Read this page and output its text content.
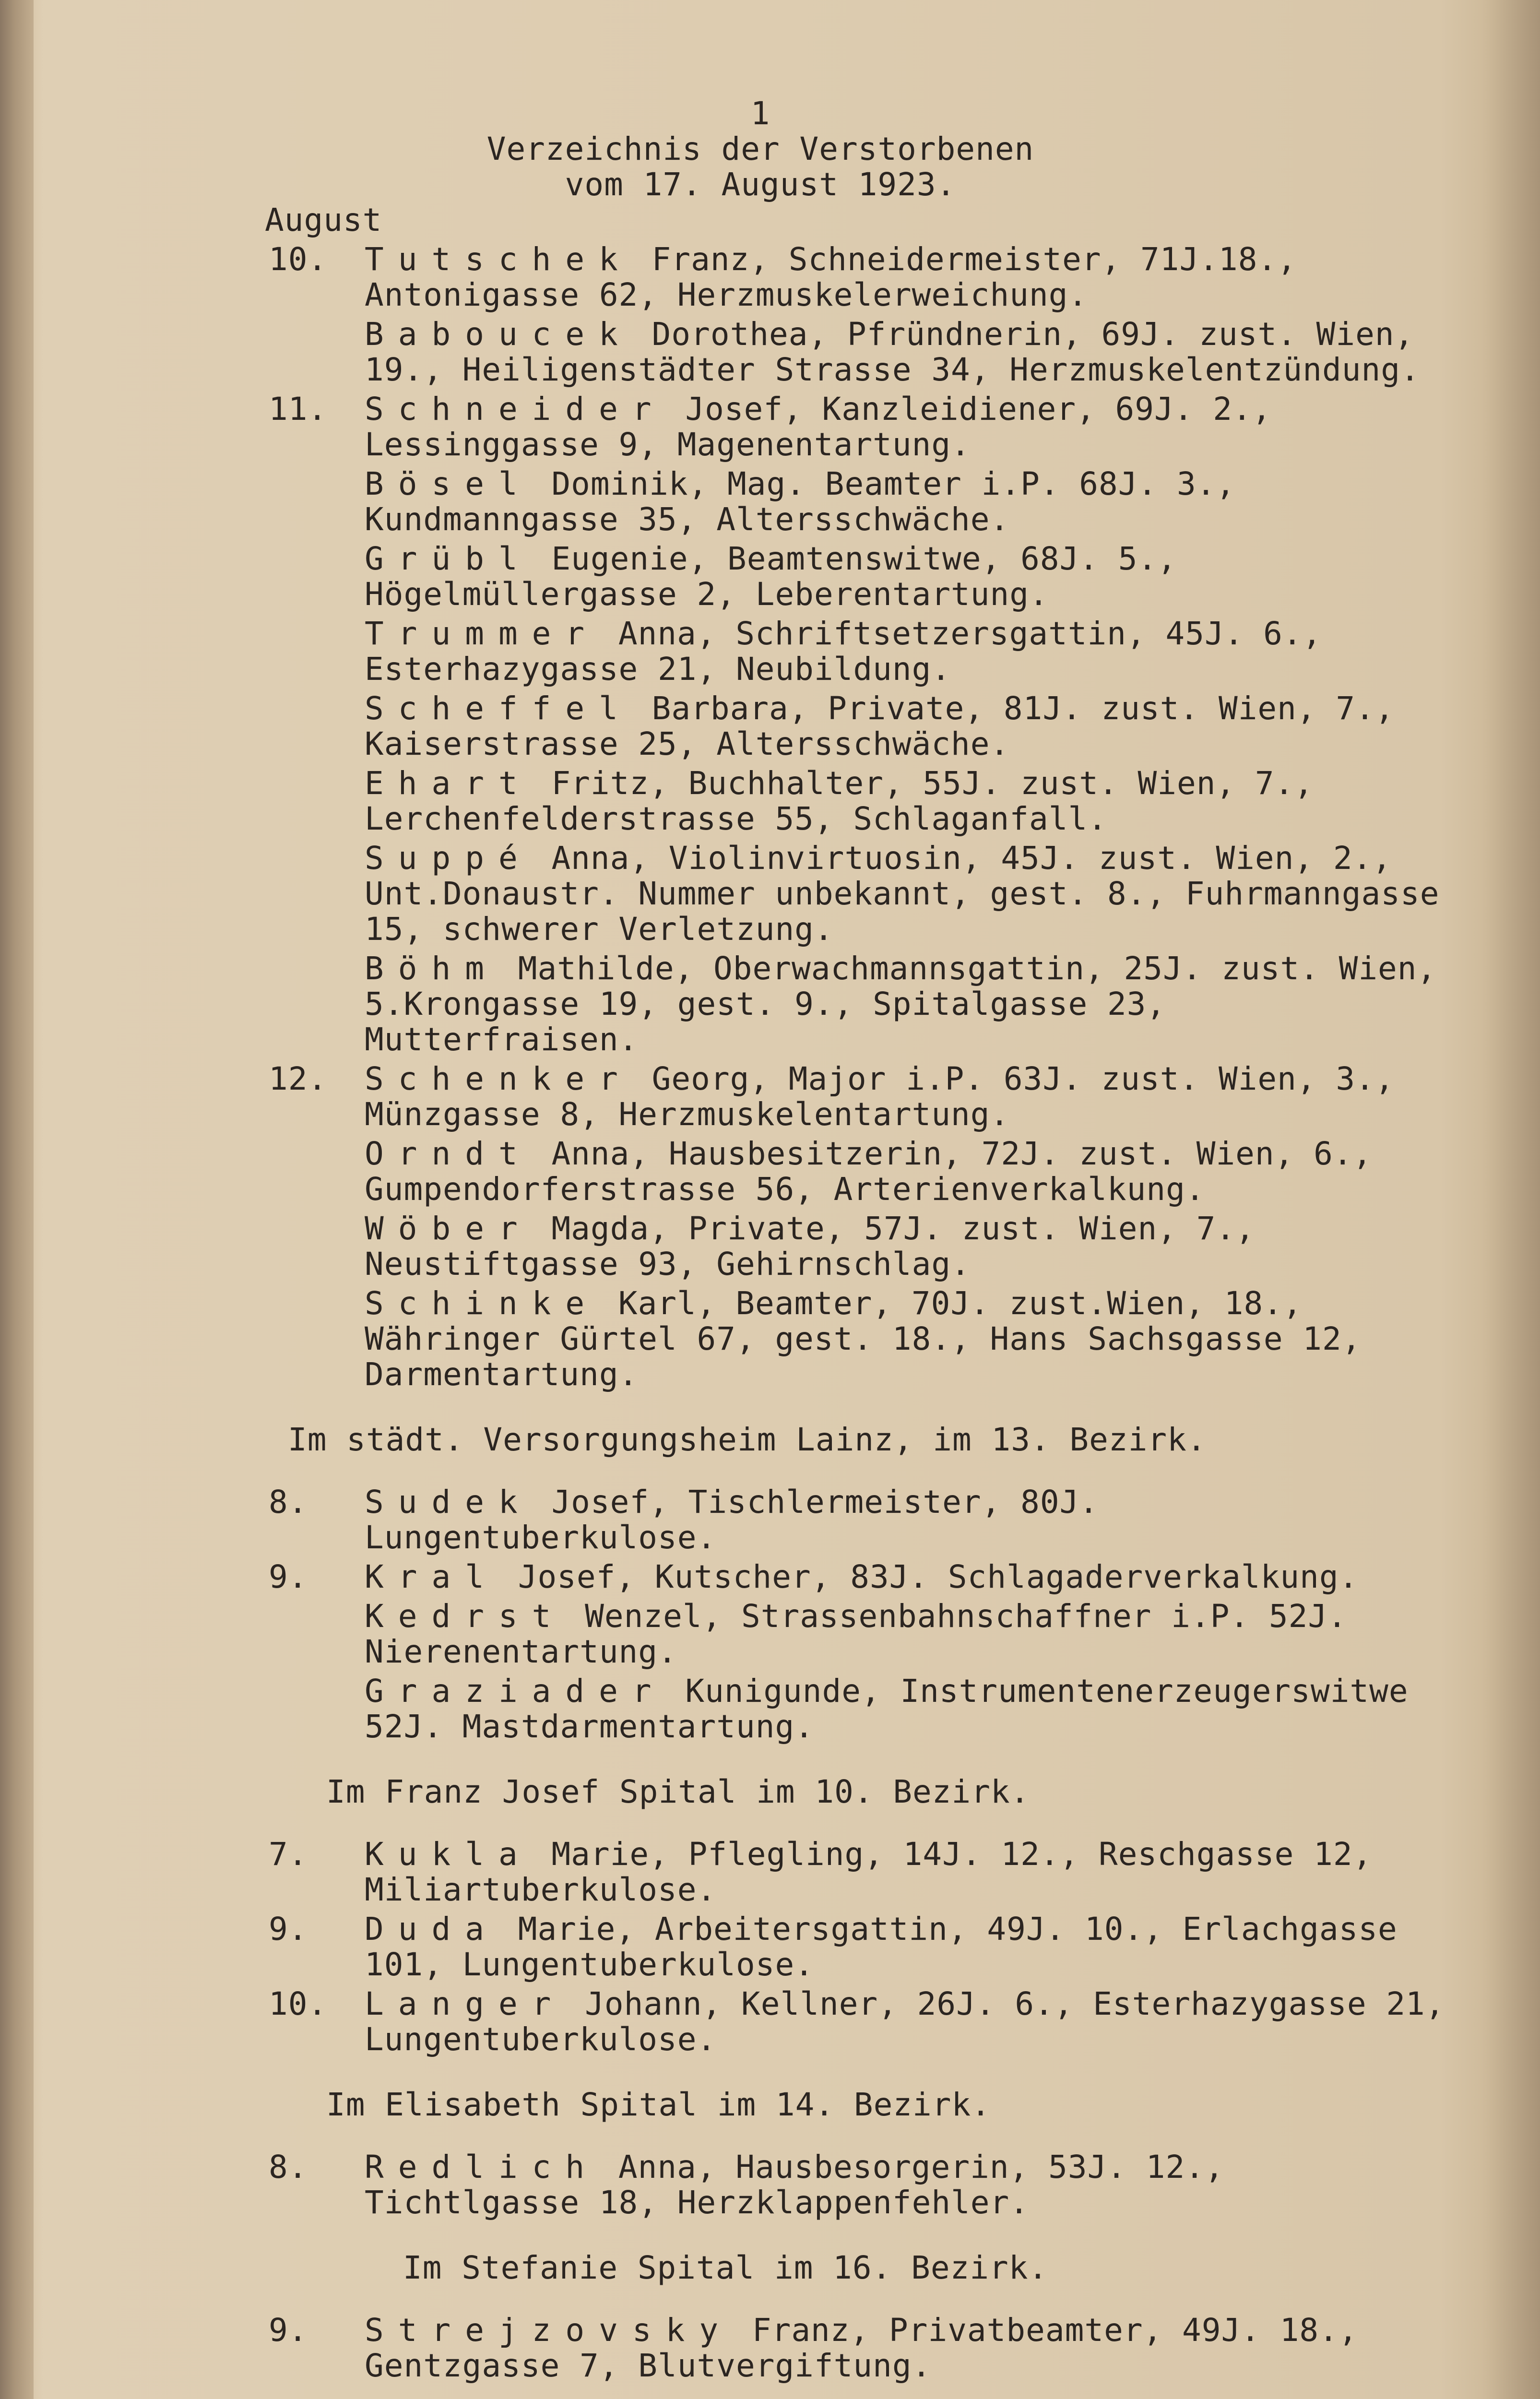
1
Verzeichnis der Verstorbenen
vom 17. August 1923.
August
10.	Tutschek Franz, Schneidermeister, 71J.18., Antonigasse 62, Herzmuskelerweichung.
Baboucek Dorothea, Pfründnerin, 69J. zust. Wien, 19., Heiligenstädter Strasse 34, Herzmuskelentzündung.
11.	Schneider Josef, Kanzleidiener, 69J. 2., Lessinggasse 9, Magenentartung.
Bösel Dominik, Mag. Beamter i.P. 68J. 3., Kundmanngasse 35, Altersschwäche.
Grübl Eugenie, Beamtenswitwe, 68J. 5., Högelmüllergasse 2, Leberentartung.
Trummer Anna, Schriftsetzersgattin, 45J. 6., Esterhazygasse 21, Neubildung.
Scheffel Barbara, Private, 81J. zust. Wien, 7., Kaiserstrasse 25, Altersschwäche.
Ehart Fritz, Buchhalter, 55J. zust. Wien, 7., Lerchenfelderstrasse 55, Schlaganfall.
Suppé Anna, Violinvirtuosin, 45J. zust. Wien, 2., Unt.Donaustr. Nummer unbekannt, gest. 8., Fuhrmanngasse 15, schwerer Verletzung.
Böhm Mathilde, Oberwachmannsgattin, 25J. zust. Wien, 5.Krongasse 19, gest. 9., Spitalgasse 23, Mutterfraisen.
12.	Schenker Georg, Major i.P. 63J. zust. Wien, 3., Münzgasse 8, Herzmuskelentartung.
Orndt Anna, Hausbesitzerin, 72J. zust. Wien, 6., Gumpendorferstrasse 56, Arterienverkalkung.
Wöber Magda, Private, 57J. zust. Wien, 7., Neustiftgasse 93, Gehirnschlag.
Schinke Karl, Beamter, 70J. zust.Wien, 18., Währinger Gürtel 67, gest. 18., Hans Sachsgasse 12, Darmentartung.
Im städt. Versorgungsheim Lainz, im 13. Bezirk.
8.	Sudek Josef, Tischlermeister, 80J. Lungentuberkulose.
9.	Kral Josef, Kutscher, 83J. Schlagaderverkalkung.
Kedrst Wenzel, Strassenbahnschaffner i.P. 52J. Nierenentartung.
Graziader Kunigunde, Instrumentenerzeugerswitwe 52J. Mastdarmentartung.
Im Franz Josef Spital im 10. Bezirk.
7.	Kukla Marie, Pflegling, 14J. 12., Reschgasse 12, Miliartuberkulose.
9.	Duda Marie, Arbeitersgattin, 49J. 10., Erlachgasse 101, Lungentuberkulose.
10.	Langer Johann, Kellner, 26J. 6., Esterhazygasse 21, Lungentuberkulose.
Im Elisabeth Spital im 14. Bezirk.
8.	Redlich Anna, Hausbesorgerin, 53J. 12., Tichtlgasse 18, Herzklappenfehler.
Im Stefanie Spital im 16. Bezirk.
9.	Strejzovsky Franz, Privatbeamter, 49J. 18., Gentzgasse 7, Blutvergiftung.
